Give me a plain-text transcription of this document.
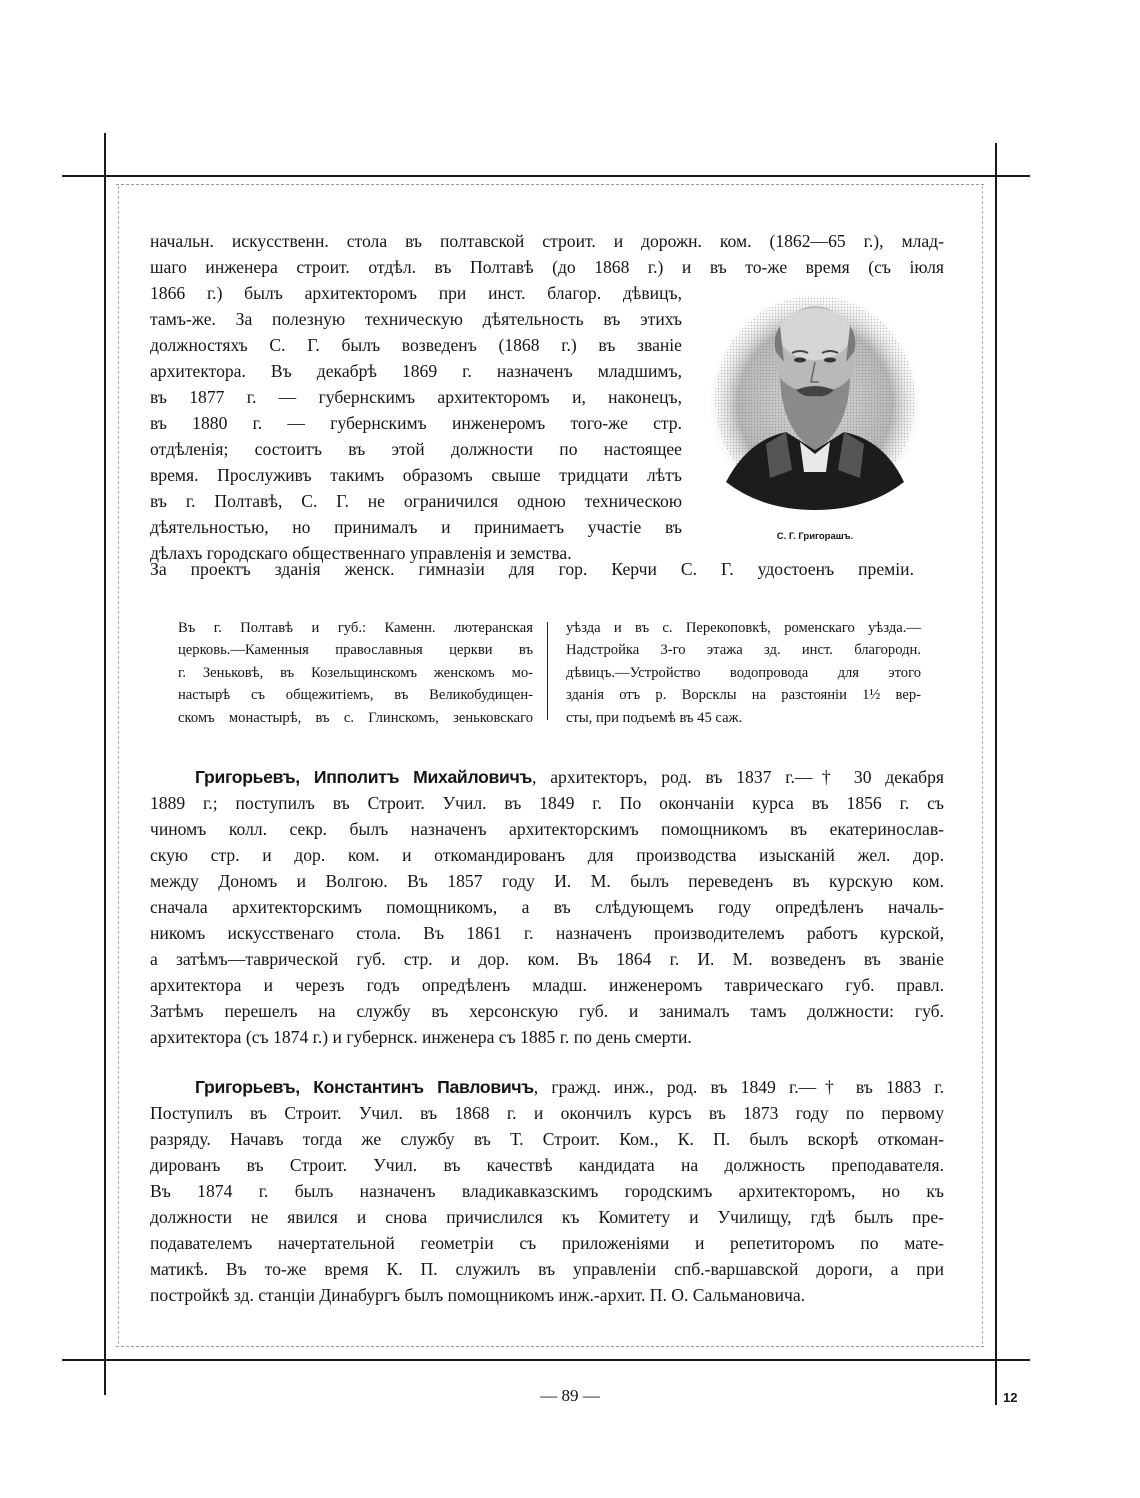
начальн. искусственн. стола въ полтавской строит. и дорожн. ком. (1862—65 г.), млад-

шаго инженера строит. отдѣл. въ Полтавѣ (до 1868 г.) и въ то-же время (съ іюля

1866 г.) былъ архитекторомъ при инст. благор. дѣвицъ,

тамъ-же. За полезную техническую дѣятельность въ этихъ

должностяхъ С. Г. былъ возведенъ (1868 г.) въ званіе

архитектора. Въ декабрѣ 1869 г. назначенъ младшимъ,

въ 1877 г. — губернскимъ архитекторомъ и, наконецъ,

въ 1880 г. — губернскимъ инженеромъ того-же стр.

отдѣленія; состоитъ въ этой должности по настоящее

время. Прослуживъ такимъ образомъ свыше тридцати лѣтъ

въ г. Полтавѣ, С. Г. не ограничился одною техническою

дѣятельностью, но принималъ и принимаетъ участіе въ

дѣлахъ городскаго общественнаго управленія и земства.

За проектъ зданія женск. гимназіи для гор. Керчи С. Г. удостоенъ преміи.

С. Г. Григорашъ.
Въ г. Полтавѣ и губ.: Каменн. лютеранская
церковь.—Каменныя православныя церкви въ
г. Зеньковѣ, въ Козельщинскомъ женскомъ мо-
настырѣ съ общежитіемъ, въ Великобудищен-
скомъ монастырѣ, въ с. Глинскомъ, зеньковскаго
уѣзда и въ с. Перекоповкѣ, роменскаго уѣзда.—
Надстройка 3-го этажа зд. инст. благородн.
дѣвицъ.—Устройство водопровода для этого
зданія отъ р. Ворсклы на разстояніи 1½ вер-
сты, при подъемѣ въ 45 саж.

Григорьевъ, Ипполитъ Михайловичъ, архитекторъ, род. въ 1837 г.—† 30 декабря

1889 г.; поступилъ въ Строит. Учил. въ 1849 г. По окончаніи курса въ 1856 г. съ

чиномъ колл. секр. былъ назначенъ архитекторскимъ помощникомъ въ екатеринослав-

скую стр. и дор. ком. и откомандированъ для производства изысканій жел. дор.

между Дономъ и Волгою. Въ 1857 году И. М. былъ переведенъ въ курскую ком.

сначала архитекторскимъ помощникомъ, а въ слѣдующемъ году опредѣленъ началь-

никомъ искусственаго стола. Въ 1861 г. назначенъ производителемъ работъ курской,

а затѣмъ—таврической губ. стр. и дор. ком. Въ 1864 г. И. М. возведенъ въ званіе

архитектора и черезъ годъ опредѣленъ младш. инженеромъ таврическаго губ. правл.

Затѣмъ перешелъ на службу въ херсонскую губ. и занималъ тамъ должности: губ.

архитектора (съ 1874 г.) и губернск. инженера съ 1885 г. по день смерти.

Григорьевъ, Константинъ Павловичъ, гражд. инж., род. въ 1849 г.—† въ 1883 г.

Поступилъ въ Строит. Учил. въ 1868 г. и окончилъ курсъ въ 1873 году по первому

разряду. Начавъ тогда же службу въ Т. Строит. Ком., К. П. былъ вскорѣ откоман-

дированъ въ Строит. Учил. въ качествѣ кандидата на должность преподавателя.

Въ 1874 г. былъ назначенъ владикавказскимъ городскимъ архитекторомъ, но къ

должности не явился и снова причислился къ Комитету и Училищу, гдѣ былъ пре-

подавателемъ начертательной геометріи съ приложеніями и репетиторомъ по мате-

матикѣ. Въ то-же время К. П. служилъ въ управленіи спб.-варшавской дороги, а при

постройкѣ зд. станціи Динабургъ былъ помощникомъ инж.-архит. П. О. Сальмановича.

— 89 —	12
